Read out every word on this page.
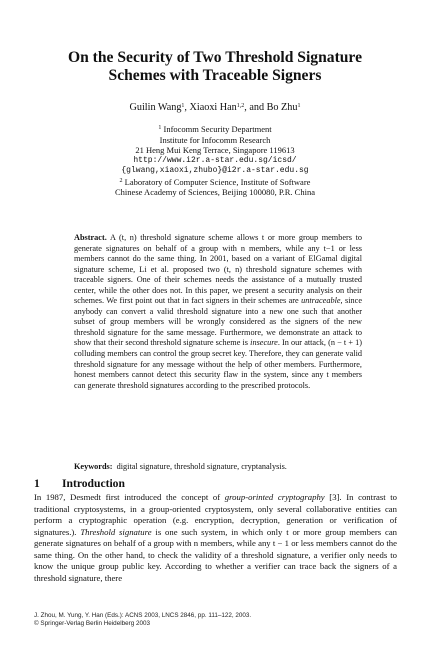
On the Security of Two Threshold Signature
Schemes with Traceable Signers
Guilin Wang$^1$, Xiaoxi Han$^{1,2}$, and Bo Zhu$^1$
$^1$ Infocomm Security Department
Institute for Infocomm Research
21 Heng Mui Keng Terrace, Singapore 119613
http://www.i2r.a-star.edu.sg/icsd/
{glwang,xiaoxi,zhubo}@i2r.a-star.edu.sg
$^2$ Laboratory of Computer Science, Institute of Software
Chinese Academy of Sciences, Beijing 100080, P.R. China

Abstract. A (t, n) threshold signature scheme allows t or more group members to generate signatures on behalf of a group with n members, while any t−1 or less members cannot do the same thing. In 2001, based on a variant of ElGamal digital signature scheme, Li et al. proposed two (t, n) threshold signature schemes with traceable signers. One of their schemes needs the assistance of a mutually trusted center, while the other does not. In this paper, we present a security analysis on their schemes. We first point out that in fact signers in their schemes are untraceable, since anybody can convert a valid threshold signature into a new one such that another subset of group members will be wrongly considered as the signers of the new threshold signature for the same message. Furthermore, we demonstrate an attack to show that their second threshold signature scheme is insecure. In our attack, (n − t + 1) colluding members can control the group secret key. Therefore, they can generate valid threshold signature for any message without the help of other members. Furthermore, honest members cannot detect this security flaw in the system, since any t members can generate threshold signatures according to the prescribed protocols.

Keywords: digital signature, threshold signature, cryptanalysis.
1 Introduction

In 1987, Desmedt first introduced the concept of group-orinted cryptography [3]. In contrast to traditional cryptosystems, in a group-oriented cryptosystem, only several collaborative entities can perform a cryptographic operation (e.g. encryption, decryption, generation or verification of signatures.). Threshold signature is one such system, in which only t or more group members can generate signatures on behalf of a group with n members, while any t − 1 or less members cannot do the same thing. On the other hand, to check the validity of a threshold signature, a verifier only needs to know the unique group public key. According to whether a verifier can trace back the signers of a threshold signature, there

J. Zhou, M. Yung, Y. Han (Eds.): ACNS 2003, LNCS 2846, pp. 111–122, 2003.
© Springer-Verlag Berlin Heidelberg 2003
